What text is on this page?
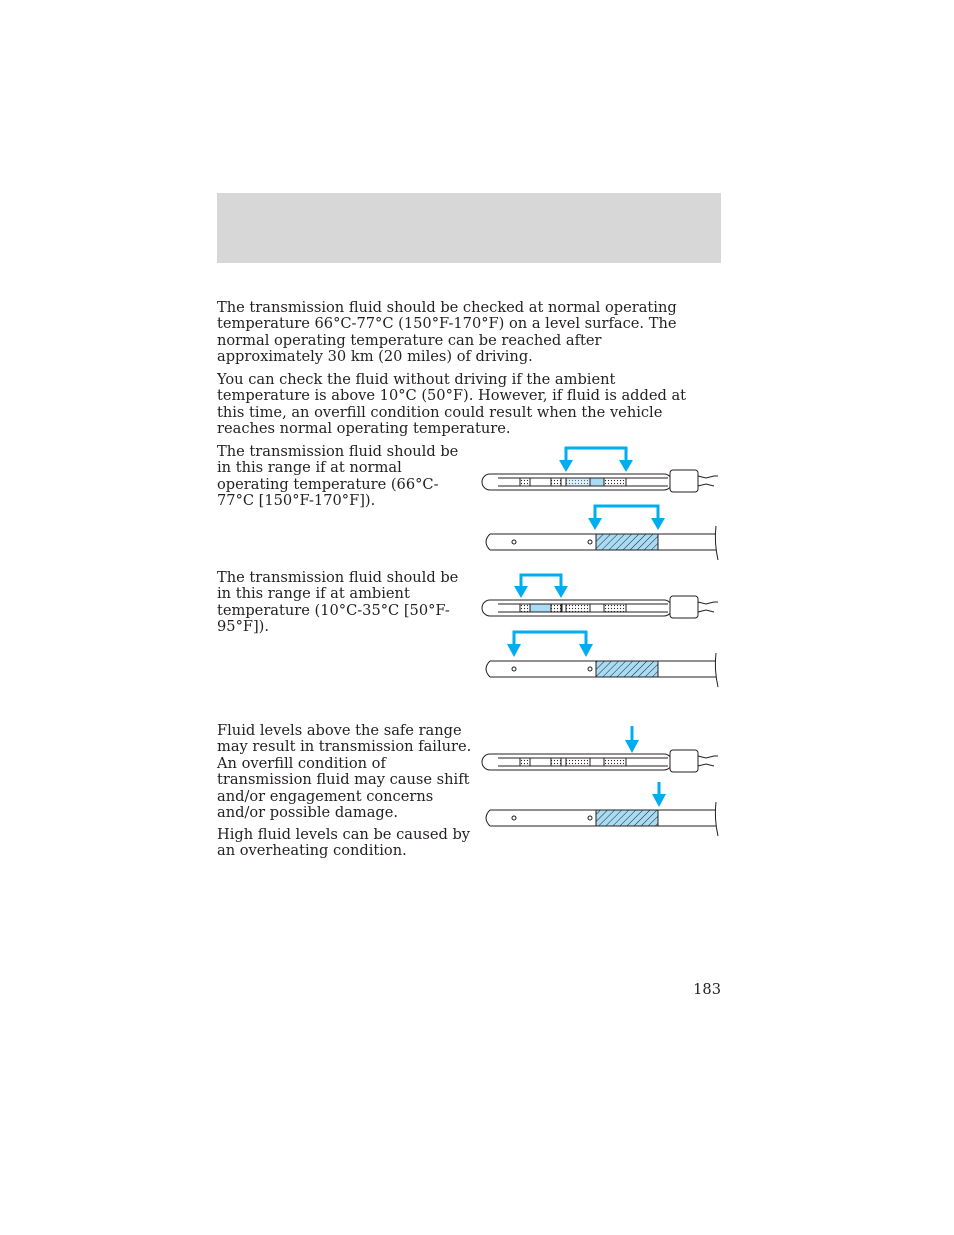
The transmission fluid should be checked at normal operating temperature 66°C-77°C (150°F-170°F) on a level surface. The normal operating temperature can be reached after approximately 30 km (20 miles) of driving.

You can check the fluid without driving if the ambient temperature is above 10°C (50°F). However, if fluid is added at this time, an overfill condition could result when the vehicle reaches normal operating temperature.

The transmission fluid should be in this range if at normal operating temperature (66°C-77°C [150°F-170°F]).

The transmission fluid should be in this range if at ambient temperature (10°C-35°C [50°F-95°F]).

Fluid levels above the safe range may result in transmission failure. An overfill condition of transmission fluid may cause shift and/or engagement concerns and/or possible damage.

High fluid levels can be caused by an overheating condition.

183
